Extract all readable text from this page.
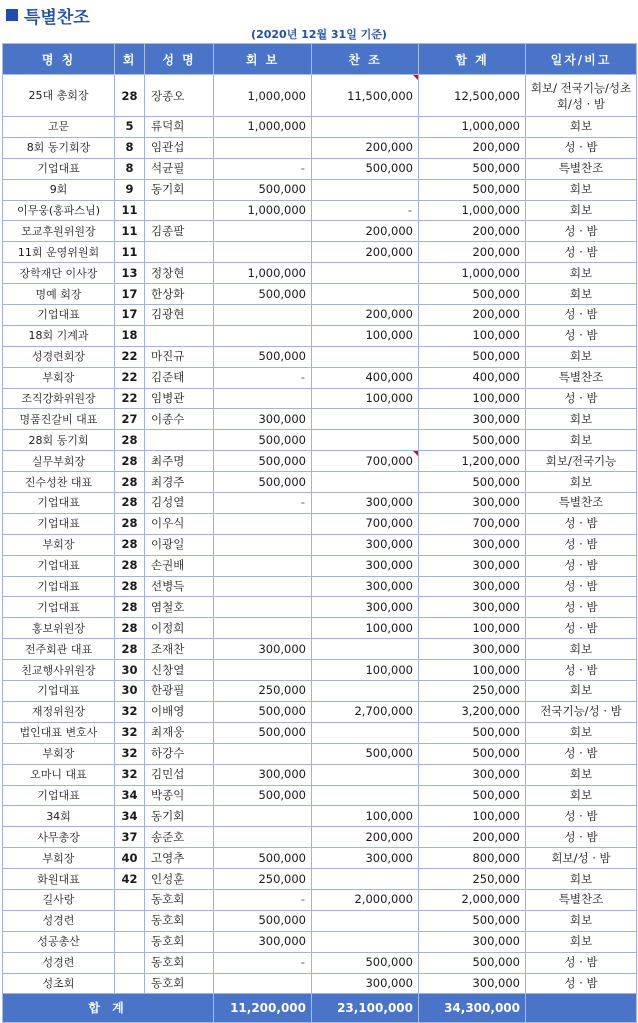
특별찬조
(2020년 12월 31일 기준)
명 칭	회	성 명	회 보	찬 조	합 계	일자/비고
25대 총회장	28	장종오	1,000,000	11,500,000	12,500,000	회보/ 전국기능/성초회/성 · 밤
고문	5	류덕희	1,000,000		1,000,000	회보
8회 동기회장	8	임관섭		200,000	200,000	성 · 밤
기업대표	8	석균필	-	500,000	500,000	특별찬조
9회	9	동기회	500,000		500,000	회보
이무웅(홍파스님)	11		1,000,000	-	1,000,000	회보
모교후원위원장	11	김종팔		200,000	200,000	성 · 밤
11회 운영위원회	11			200,000	200,000	성 · 밤
장학재단 이사장	13	정창현	1,000,000		1,000,000	회보
명예 회장	17	한상화	500,000		500,000	회보
기업대표	17	김광현		200,000	200,000	성 · 밤
18회 기계과	18			100,000	100,000	성 · 밤
성경련회장	22	마진규	500,000		500,000	회보
부회장	22	김준태	-	400,000	400,000	특별찬조
조직강화위원장	22	임병관		100,000	100,000	성 · 밤
명품진갈비 대표	27	이종수	300,000		300,000	회보
28회 동기회	28		500,000		500,000	회보
실무부회장	28	최주명	500,000	700,000	1,200,000	회보/전국기능
진수성찬 대표	28	최경주	500,000		500,000	회보
기업대표	28	김성열	-	300,000	300,000	특별찬조
기업대표	28	이우식		700,000	700,000	성 · 밤
부회장	28	이광일		300,000	300,000	성 · 밤
기업대표	28	손권배		300,000	300,000	성 · 밤
기업대표	28	선병득		300,000	300,000	성 · 밤
기업대표	28	염철호		300,000	300,000	성 · 밤
홍보위원장	28	이정희		100,000	100,000	성 · 밤
전주회관 대표	28	조재찬	300,000		300,000	회보
친교행사위원장	30	신창열		100,000	100,000	성 · 밤
기업대표	30	한광필	250,000		250,000	회보
재정위원장	32	이배영	500,000	2,700,000	3,200,000	전국기능/성 · 밤
법인대표 변호사	32	최재웅	500,000		500,000	회보
부회장	32	하강수		500,000	500,000	성 · 밤
오마니 대표	32	김민섭	300,000		300,000	회보
기업대표	34	박종익	500,000		500,000	회보
34회	34	동기회		100,000	100,000	성 · 밤
사무총장	37	송준호		200,000	200,000	성 · 밤
부회장	40	고영추	500,000	300,000	800,000	회보/성 · 밤
화원대표	42	인성훈	250,000		250,000	회보
길사랑		동호회	-	2,000,000	2,000,000	특별찬조
성경련		동호회	500,000		500,000	회보
성공총산		동호회	300,000		300,000	회보
성경련		동호회	-	500,000	500,000	성 · 밤
성초회		동호회		300,000	300,000	성 · 밤
합 계			11,200,000	23,100,000	34,300,000	
